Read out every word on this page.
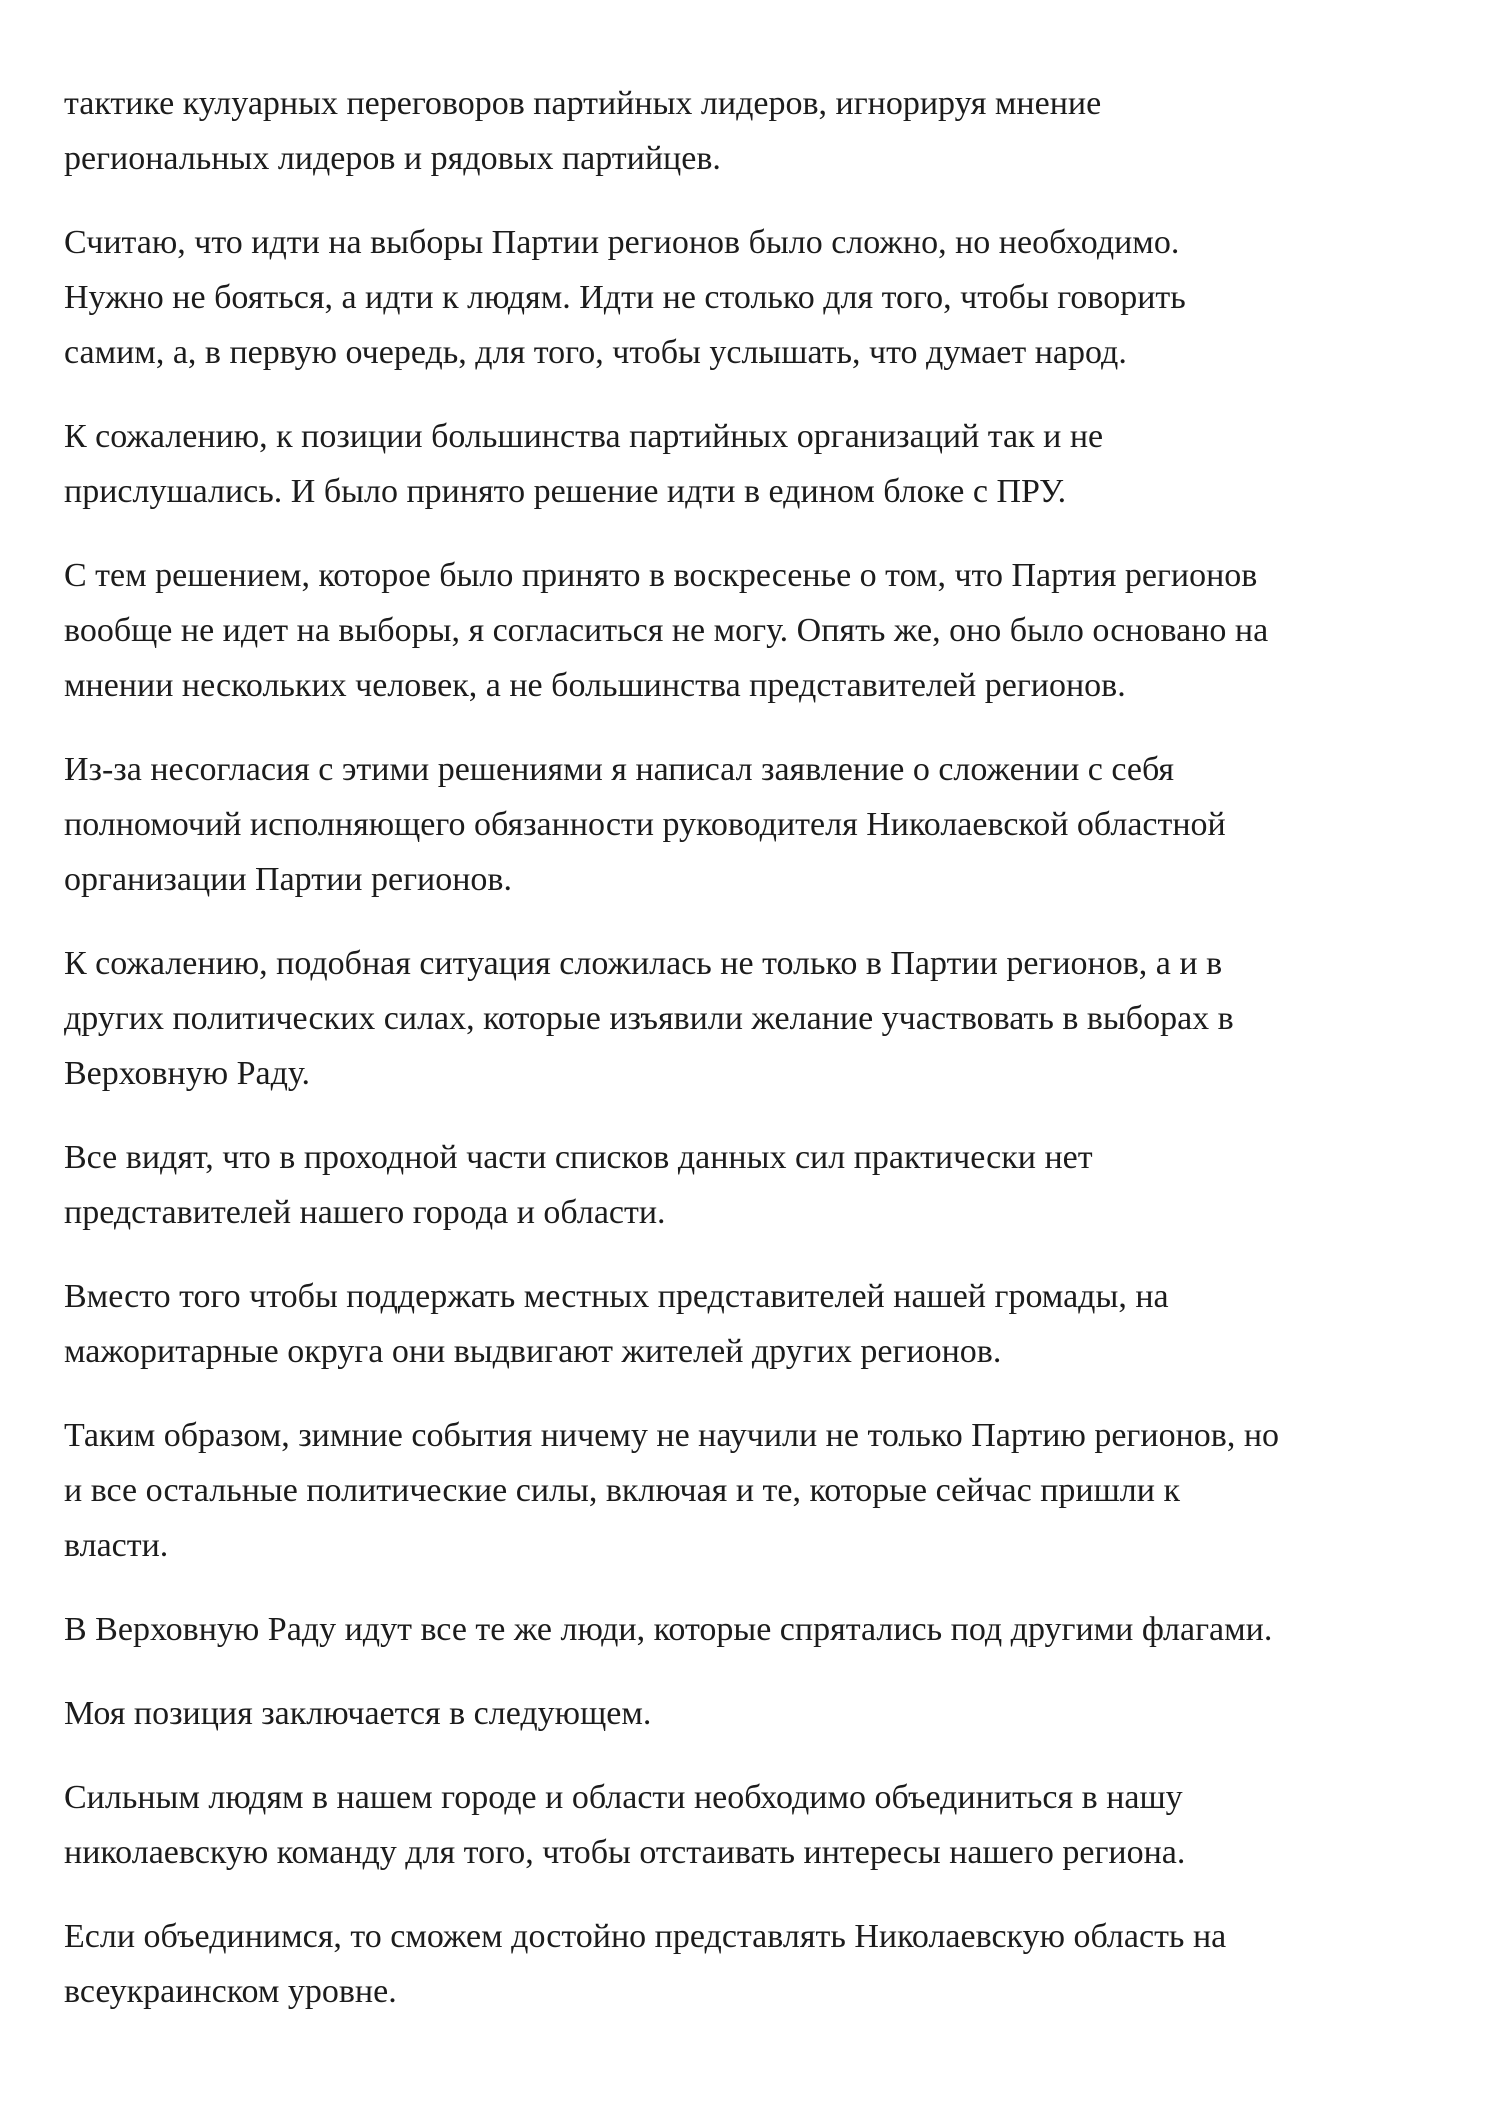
тактике кулуарных переговоров партийных лидеров, игнорируя мнение
региональных лидеров и рядовых партийцев.

Считаю, что идти на выборы Партии регионов было сложно, но необходимо.
Нужно не бояться, а идти к людям. Идти не столько для того, чтобы говорить
самим, а, в первую очередь, для того, чтобы услышать, что думает народ.

К сожалению, к позиции большинства партийных организаций так и не
прислушались. И было принято решение идти в едином блоке с ПРУ.

С тем решением, которое было принято в воскресенье о том, что Партия регионов
вообще не идет на выборы, я согласиться не могу. Опять же, оно было основано на
мнении нескольких человек, а не большинства представителей регионов.

Из-за несогласия с этими решениями я написал заявление о сложении с себя
полномочий исполняющего обязанности руководителя Николаевской областной
организации Партии регионов.

К сожалению, подобная ситуация сложилась не только в Партии регионов, а и в
других политических силах, которые изъявили желание участвовать в выборах в
Верховную Раду.

Все видят, что в проходной части списков данных сил практически нет
представителей нашего города и области.

Вместо того чтобы поддержать местных представителей нашей громады, на
мажоритарные округа они выдвигают жителей других регионов.

Таким образом, зимние события ничему не научили не только Партию регионов, но
и все остальные политические силы, включая и те, которые сейчас пришли к
власти.

В Верховную Раду идут все те же люди, которые спрятались под другими флагами.

Моя позиция заключается в следующем.

Сильным людям в нашем городе и области необходимо объединиться в нашу
николаевскую команду для того, чтобы отстаивать интересы нашего региона.

Если объединимся, то сможем достойно представлять Николаевскую область на
всеукраинском уровне.
